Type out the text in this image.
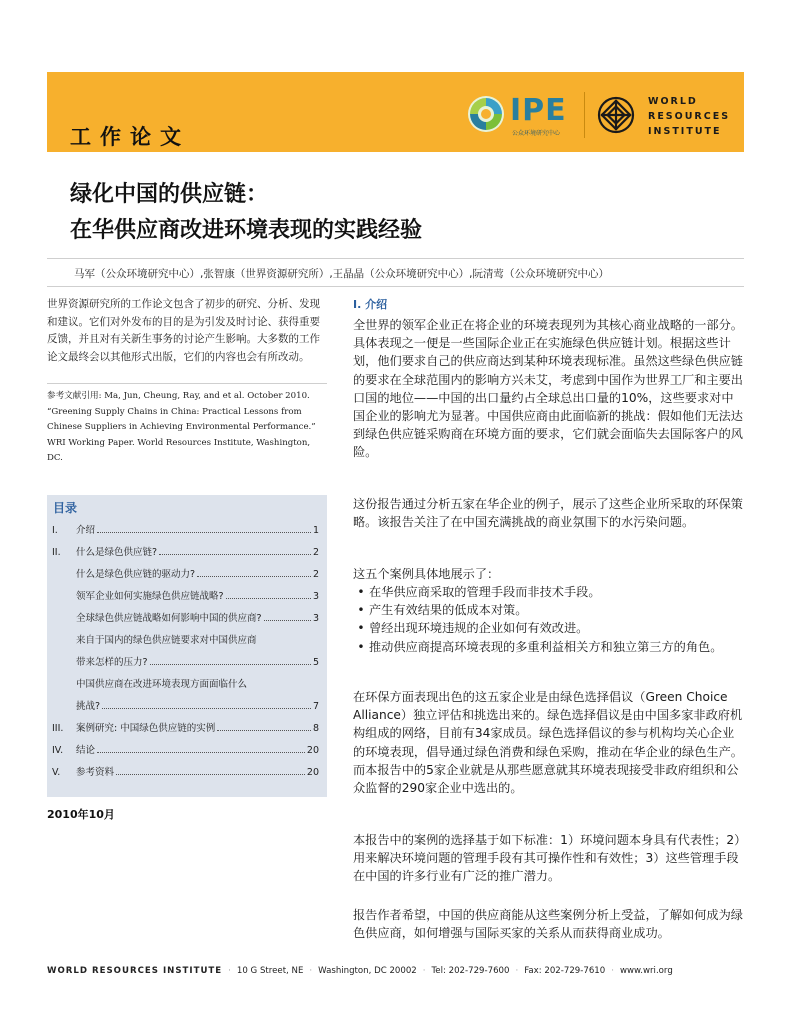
工作论文
IPE
公众环境研究中心
WORLD
RESOURCES
INSTITUTE
绿化中国的供应链：
在华供应商改进环境表现的实践经验
马军（公众环境研究中心）,张智康（世界资源研究所）,王晶晶（公众环境研究中心）,阮清莺（公众环境研究中心）
世界资源研究所的工作论文包含了初步的研究、分析、发现和建议。它们对外发布的目的是为引发及时讨论、获得重要反馈，并且对有关新生事务的讨论产生影响。大多数的工作论文最终会以其他形式出版，它们的内容也会有所改动。
参考文献引用: Ma, Jun, Cheung, Ray, and et al. October 2010. “Greening Supply Chains in China: Practical Lessons from Chinese Suppliers in Achieving Environmental Performance.” WRI Working Paper. World Resources Institute, Washington, DC.
目录
I.	介绍	1
II.	什么是绿色供应链?	2
什么是绿色供应链的驱动力?	2
领军企业如何实施绿色供应链战略?	3
全球绿色供应链战略如何影响中国的供应商?	3
来自于国内的绿色供应链要求对中国供应商
带来怎样的压力?	5
中国供应商在改进环境表现方面面临什么
挑战?	7
III.	案例研究: 中国绿色供应链的实例	8
IV.	结论	20
V.	参考资料	20
2010年10月
I. 介绍
全世界的领军企业正在将企业的环境表现列为其核心商业战略的一部分。具体表现之一便是一些国际企业正在实施绿色供应链计划。根据这些计划，他们要求自己的供应商达到某种环境表现标准。虽然这些绿色供应链的要求在全球范围内的影响方兴未艾，考虑到中国作为世界工厂和主要出口国的地位——中国的出口量约占全球总出口量的10%，这些要求对中国企业的影响尤为显著。中国供应商由此面临新的挑战：假如他们无法达到绿色供应链采购商在环境方面的要求，它们就会面临失去国际客户的风险。
这份报告通过分析五家在华企业的例子，展示了这些企业所采取的环保策略。该报告关注了在中国充满挑战的商业氛围下的水污染问题。
这五个案例具体地展示了：
• 在华供应商采取的管理手段而非技术手段。
• 产生有效结果的低成本对策。
• 曾经出现环境违规的企业如何有效改进。
• 推动供应商提高环境表现的多重利益相关方和独立第三方的角色。
在环保方面表现出色的这五家企业是由绿色选择倡议（Green Choice Alliance）独立评估和挑选出来的。绿色选择倡议是由中国多家非政府机构组成的网络，目前有34家成员。绿色选择倡议的参与机构均关心企业的环境表现，倡导通过绿色消费和绿色采购，推动在华企业的绿色生产。而本报告中的5家企业就是从那些愿意就其环境表现接受非政府组织和公众监督的290家企业中选出的。
本报告中的案例的选择基于如下标准：1）环境问题本身具有代表性；2）用来解决环境问题的管理手段有其可操作性和有效性；3）这些管理手段在中国的许多行业有广泛的推广潜力。
报告作者希望，中国的供应商能从这些案例分析上受益，了解如何成为绿色供应商，如何增强与国际买家的关系从而获得商业成功。
WORLD RESOURCES INSTITUTE · 10 G Street, NE · Washington, DC 20002 · Tel: 202-729-7600 · Fax: 202-729-7610 · www.wri.org
